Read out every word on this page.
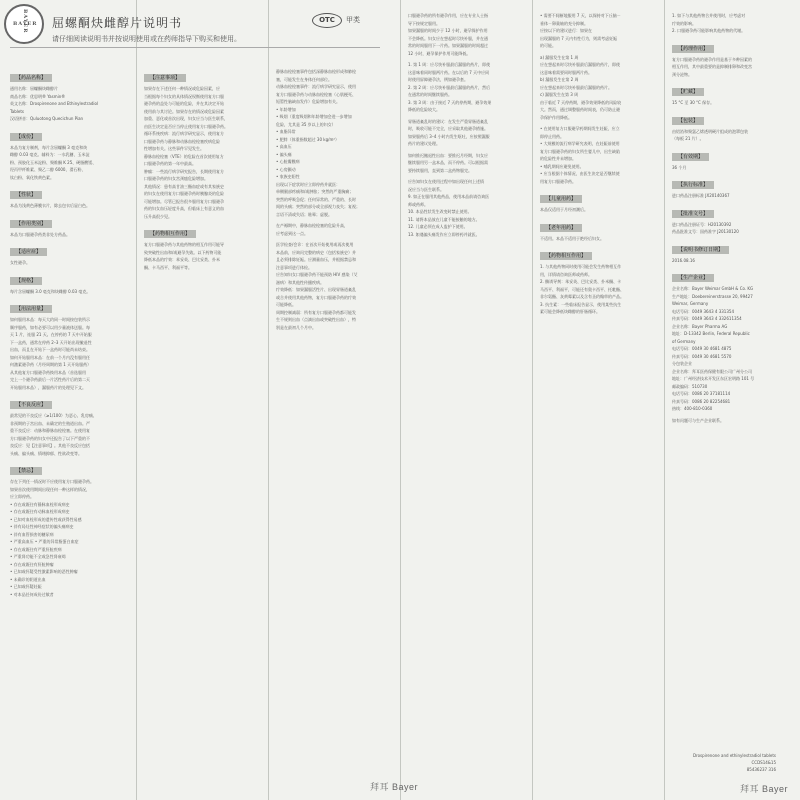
BAYER
BAYER 屈螺酮炔雌醇片说明书	OTC	甲类
请仔细阅读说明书并按说明使用或在药师指导下购买和使用。
【药品名称】
通用名称：屈螺酮炔雌醇片
商品名称：优思明® Yasmin®
英文名称：Drospirenone and Ethinylestradiol
Tablets
汉语拼音：Quluotong Quecichun Pian
【成份】
本品为复方制剂，每片含屈螺酮 3 毫克和炔
雌醇 0.03 毫克。辅料为：一水乳糖、玉米淀
粉、预胶化玉米淀粉、聚维酮 K 25、硬脂酸镁、
羟丙甲纤维素、聚乙二醇 6000、滑石粉、
钛白粉、氧化铁黄色素。
【性状】
本品为浅黄色薄膜衣片，除去包衣后显白色。
【作用类别】
本品为口服避孕药类非处方药品。
【适应症】
女性避孕。
【规格】
每片含屈螺酮 3.0 毫克和炔雌醇 0.03 毫克。
【用法用量】
如何服用本品：每天大约同一时间按包装所示
顺序服药，如有必要可以用少量液体送服。每
天 1 片，连服 21 天。在停药的 7 天中开始服
下一盒药，通常在停药 2–3 天开始出现撤退性
出血，而且在开始下一盒药时可能尚未结束。
如何开始服用本品：在前一个月内没有服用任
何激素避孕药（月经周期的第 1 天开始服药）
从其他复方口服避孕药换用本品（首选服用
完上一个避孕药最后一片活性药片后的第二天
开始服用本品），漏服药片的处理见下文。
【不良反应】
最常见的不良反应（≥1/100）为恶心、乳房痛、
非预期的子宫出血、未确定的生殖道出血。严
重不良反应：动脉和静脉血栓栓塞。在使用复
方口服避孕药的妇女中还报告了以下严重的不
良反应：见【注意事项】。其他不良反应包括
头痛、偏头痛、情绪抑郁、性欲改变等。
【禁忌】
存在下列任一情况时不应使用复方口服避孕药。
如果首次使用期间出现任何一种这样的情况，
应立即停药。
• 存在或既往有静脉血栓形成病史
• 存在或既往有动脉血栓形成病史
• 已知对血栓形成的遗传性或获得性易感
• 伴有局灶性神经症状的偏头痛病史
• 伴有血管损害的糖尿病
• 严重高血压 • 严重的异常脂蛋白血症
• 存在或既往有严重肝脏疾病
• 严重肾功能不全或急性肾衰竭
• 存在或既往有肝脏肿瘤
• 已知或怀疑受性激素影响的恶性肿瘤
• 未确诊的阴道出血
• 已知或怀疑妊娠
• 对本品任何成份过敏者
【注意事项】
如果存在下述任何一种情况或危险因素，应
当根据每个妇女的具体情况权衡使用复方口服
避孕药的益处与可能的危险，并在其决定开始
使用前与其讨论。如果存在的情况或危险因素
加重、恶化或首次出现，妇女应当与医生联系，
由医生决定是否应当停止使用复方口服避孕药。
循环系统疾病：流行病学研究显示，使用复方
口服避孕药与静脉和动脉血栓栓塞疾病危险
性增加有关。这些事件罕见发生。
静脉血栓栓塞（VTE）的危险在首次使用复方
口服避孕药的第一年中最高。
肿瘤：一些流行病学研究报告，长期使用复方
口服避孕药的妇女宫颈癌危险增加。
其他情况：患有高甘油三酯血症或有其家族史
的妇女在使用复方口服避孕药时胰腺炎的危险
可能增加。尽管已报告很多服用复方口服避孕
药的妇女血压轻度升高，但临床上有意义的血
压升高很少见。
【药物相互作用】
复方口服避孕药与其他药物的相互作用可能导
致突破性出血和/或避孕失败。以下药物可能
降低本品的疗效：苯妥英、巴比妥类、扑米
酮、卡马西平、利福平等。
静脉血栓栓塞事件包括深静脉血栓形成和肺栓
塞，可能发生在身体任何部位。
动脉血栓栓塞事件：流行病学研究显示，使用
复方口服避孕药与动脉血栓栓塞（心肌梗死、
短暂性脑缺血发作）危险增加有关。
• 年龄增加
• 吸烟（重度吸烟和年龄增加会进一步增加
危险，尤其是 35 岁以上的妇女）
• 血脂异常
• 肥胖（体重指数超过 30 kg/m²）
• 高血压
• 偏头痛
• 心脏瓣膜病
• 心房颤动
• 家族史阳性
出现以下症状时应立即停药并就医：
单侧腿部疼痛和/或肿胀；突然的严重胸痛；
突然的呼吸急促；任何异常的、严重的、长时
间的头痛；突然的部分或全部视力丧失；复视；
言语不清或失语；眩晕；虚脱。
在产褥期中，静脉血栓栓塞的危险升高，
应考虑到这一点。
医学检查/会诊：在首次开始使用或再次使用
本品前，应询问完整的病史（包括家族史）并
且必须排除妊娠。应测量血压，并根据禁忌和
注意事项进行体检。
应告知妇女口服避孕药不能预防 HIV 感染（艾
滋病）和其他性传播疾病。
疗效降低：如果漏服活性片、出现胃肠道紊乱
或合并使用其他药物，复方口服避孕药的疗效
可能降低。
周期控制减弱：所有复方口服避孕药都可能发
生不规则出血（点滴出血或突破性出血），特
别是在最初几个月中。
口服避孕药的所有避孕作用，应在专业人士指
导下按规定服用。
如果漏服的时间少于 12 小时，避孕保护作用
不会降低。妇女应在想起时尽快补服，并在通
常的时间服用下一片药。如果漏服的时间超过
12 小时，避孕保护作用可能降低。
1. 第 1 周：应尽快补服最后漏服的药片，即使
这意味着同时服两片药。在以后的 7 天中应同
时使用屏障避孕法，例如避孕套。
2. 第 2 周：应尽快补服最后漏服的药片，然后
在通常的时间继续服药。
3. 第 3 周：由于接近 7 天的停药期，避孕效果
降低的危险较大。
胃肠道紊乱时的建议：在发生严重胃肠道紊乱
时，吸收可能不完全，应采取其他避孕措施。
如果服药后 3–4 小时内发生呕吐，应按照漏服
药片的建议处理。
如何推迟撤退性出血：要推迟月经期，妇女应
继续服用另一盒本品，而不停药。可以根据需
要持续服用，直到第二盒药物服完。
应告知妇女在使用过程中如出现任何上述情
况应当与医生联系。
9. 如正在服用其他药品，使用本品前请咨询医
师或药师。
10. 本品性状发生改变时禁止使用。
11. 请将本品放在儿童不能接触的地方。
12. 儿童必须在成人监护下使用。
13. 如遇偏头痛发作应立即停药并就医。
• 需要不间断地服用 7 天，以保持对下丘脑－
垂体－卵巢轴的充分抑制。
应按以下的建议进行：如果在
出现漏服的 7 天内有性行为，则需考虑妊娠
的可能。
a) 漏服发生在第 1 周
应在想起来时尽快补服最后漏服的药片，即使
这意味着需要同时服两片药。
b) 漏服发生在第 2 周
应在想起来时尽快补服最后漏服的药片。
c) 漏服发生在第 3 周
由于临近 7 天停药期，避孕效果降低的风险较
大。然而，通过调整服药时间表，仍可防止避
孕保护作用降低。
• 在使用复方口服避孕药期间发生妊娠，应立
即停止用药。
• 大规模的流行病学研究表明，在妊娠前使用
复方口服避孕药的妇女所生婴儿中，出生缺陷
的危险性并未增加。
• 哺乳期间应避免使用。
• 应当根据个体情况，由医生决定是否继续使
用复方口服避孕药。
【儿童用药】
本品仅适用于月经初潮后。
【老年用药】
不适用。本品不适用于绝经后妇女。
【药物相互作用】
1. 与其他药物同时使用可能会发生药物相互作
用，详情请咨询医师或药师。
2. 酶诱导剂：苯妥英、巴比妥类、扑米酮、卡
马西平、利福平，可能还有奥卡西平、托吡酯、
非尔氨酯、灰黄霉素以及含有圣约翰草的产品。
3. 抗生素：一些临床报告显示，使用某些抗生
素可能会降低炔雌醇的肝肠循环。
1. 如下与其他药物合并使用时，应考虑对
疗效的影响。
2. 口服避孕药可能影响其他药物的代谢。
【药理作用】
复方口服避孕药的避孕作用是基于多种因素的
相互作用，其中最重要的是抑制排卵和改变宫
颈分泌物。
【贮藏】
15 °C 至 30 °C 保存。
【包装】
由铝箔和聚氯乙烯透明硬片组成的泡罩包装
（每板 21 片）。
【有效期】
36 个月
【执行标准】
进口药品注册标准 JX20140367
【批准文号】
进口药品注册证号：H20130392
药品批准文号：国药准字 J20130120
【说明书修订日期】
2016.08.16
【生产企业】
企业名称：Bayer Weimar GmbH & Co. KG
生产地址：Doebereinerstrasse 20, 99427
Weimar, Germany
电话号码：0049 3643 4 331354
传真号码：0049 3643 4 332611354
企业名称：Bayer Pharma AG
地址：D-13342 Berlin, Federal Republic
of Germany
电话号码：0049 30 4681 4875
传真号码：0049 30 4681 5570
分包装企业
企业名称：拜耳医药保健有限公司广州分公司
地址：广州经济技术开发区东区宏明路 101 号
邮政编码：510730
电话号码：0086 20 37181114
传真号码：0086 20 82254681
热线：400-810-0360
如有问题可与生产企业联系。
拜耳 Bayer	拜耳 Bayer
Drospirenone and ethinylestradiol tablets
CCDS14&15
85436237 316
